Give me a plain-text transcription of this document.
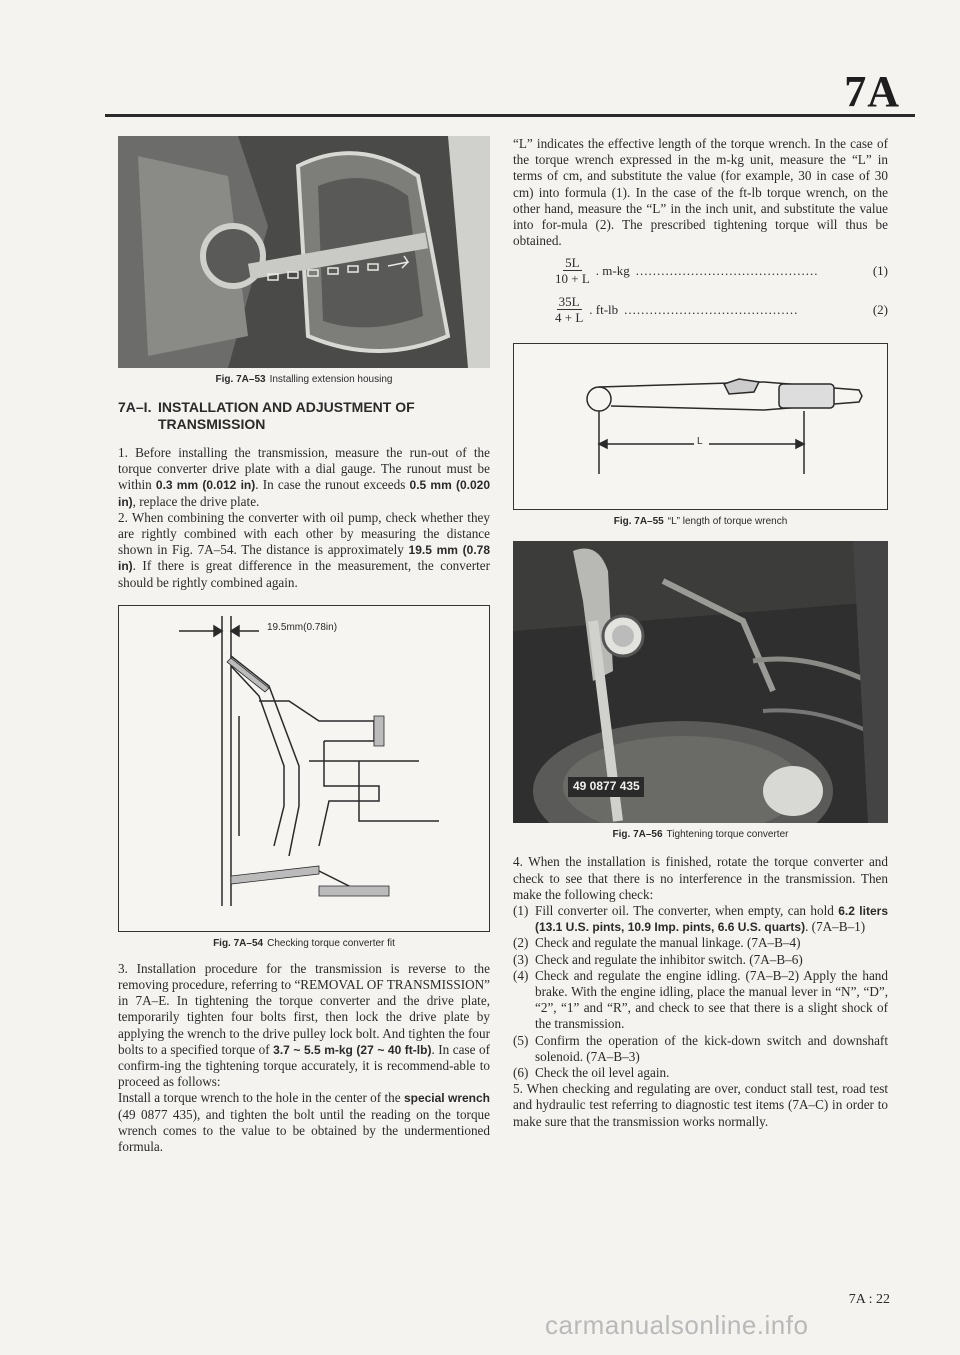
7A
Fig. 7A–53 Installing extension housing
7A–I. INSTALLATION AND ADJUSTMENT OF
TRANSMISSION

1. Before installing the transmission, measure the run-out of the torque converter drive plate with a dial gauge. The runout must be within 0.3 mm (0.012 in). In case the runout exceeds 0.5 mm (0.020 in), replace the drive plate.

2. When combining the converter with oil pump, check whether they are rightly combined with each other by measuring the distance shown in Fig. 7A–54. The distance is approximately 19.5 mm (0.78 in). If there is great difference in the measurement, the converter should be rightly combined again.

19.5mm(0.78in)
Fig. 7A–54 Checking torque converter fit

3. Installation procedure for the transmission is reverse to the removing procedure, referring to “REMOVAL OF TRANSMISSION” in 7A–E. In tightening the torque converter and the drive plate, temporarily tighten four bolts first, then lock the drive plate by applying the wrench to the drive pulley lock bolt. And tighten the four bolts to a specified torque of 3.7 ~ 5.5 m-kg (27 ~ 40 ft-lb). In case of confirm-ing the tightening torque accurately, it is recommend-able to proceed as follows:

Install a torque wrench to the hole in the center of the special wrench (49 0877 435), and tighten the bolt until the reading on the torque wrench comes to the value to be obtained by the undermentioned formula.

“L” indicates the effective length of the torque wrench. In the case of the torque wrench expressed in the m-kg unit, measure the “L” in terms of cm, and substitute the value (for example, 30 in case of 30 cm) into formula (1). In the case of the ft-lb torque wrench, on the other hand, measure the “L” in the inch unit, and substitute the value into for-mula (2). The prescribed tightening torque will thus be obtained.

$\frac{5L}{10 + L}$ . m-kg ...........................................	(1)
$\frac{35L}{4 + L}$ . ft-lb .........................................	(2)
L
Fig. 7A–55 “L” length of torque wrench
49 0877 435
Fig. 7A–56 Tightening torque converter

4. When the installation is finished, rotate the torque converter and check to see that there is no interference in the transmission. Then make the following check:

(1) Fill converter oil. The converter, when empty, can hold 6.2 liters (13.1 U.S. pints, 10.9 Imp. pints, 6.6 U.S. quarts). (7A–B–1)
(2) Check and regulate the manual linkage. (7A–B–4)
(3) Check and regulate the inhibitor switch. (7A–B–6)
(4) Check and regulate the engine idling. (7A–B–2) Apply the hand brake. With the engine idling, place the manual lever in “N”, “D”, “2”, “1” and “R”, and check to see that there is a slight shock of the transmission.
(5) Confirm the operation of the kick-down switch and downshaft solenoid. (7A–B–3)
(6) Check the oil level again.

5. When checking and regulating are over, conduct stall test, road test and hydraulic test referring to diagnostic test items (7A–C) in order to make sure that the transmission works normally.

7A : 22
carmanualsonline.info
